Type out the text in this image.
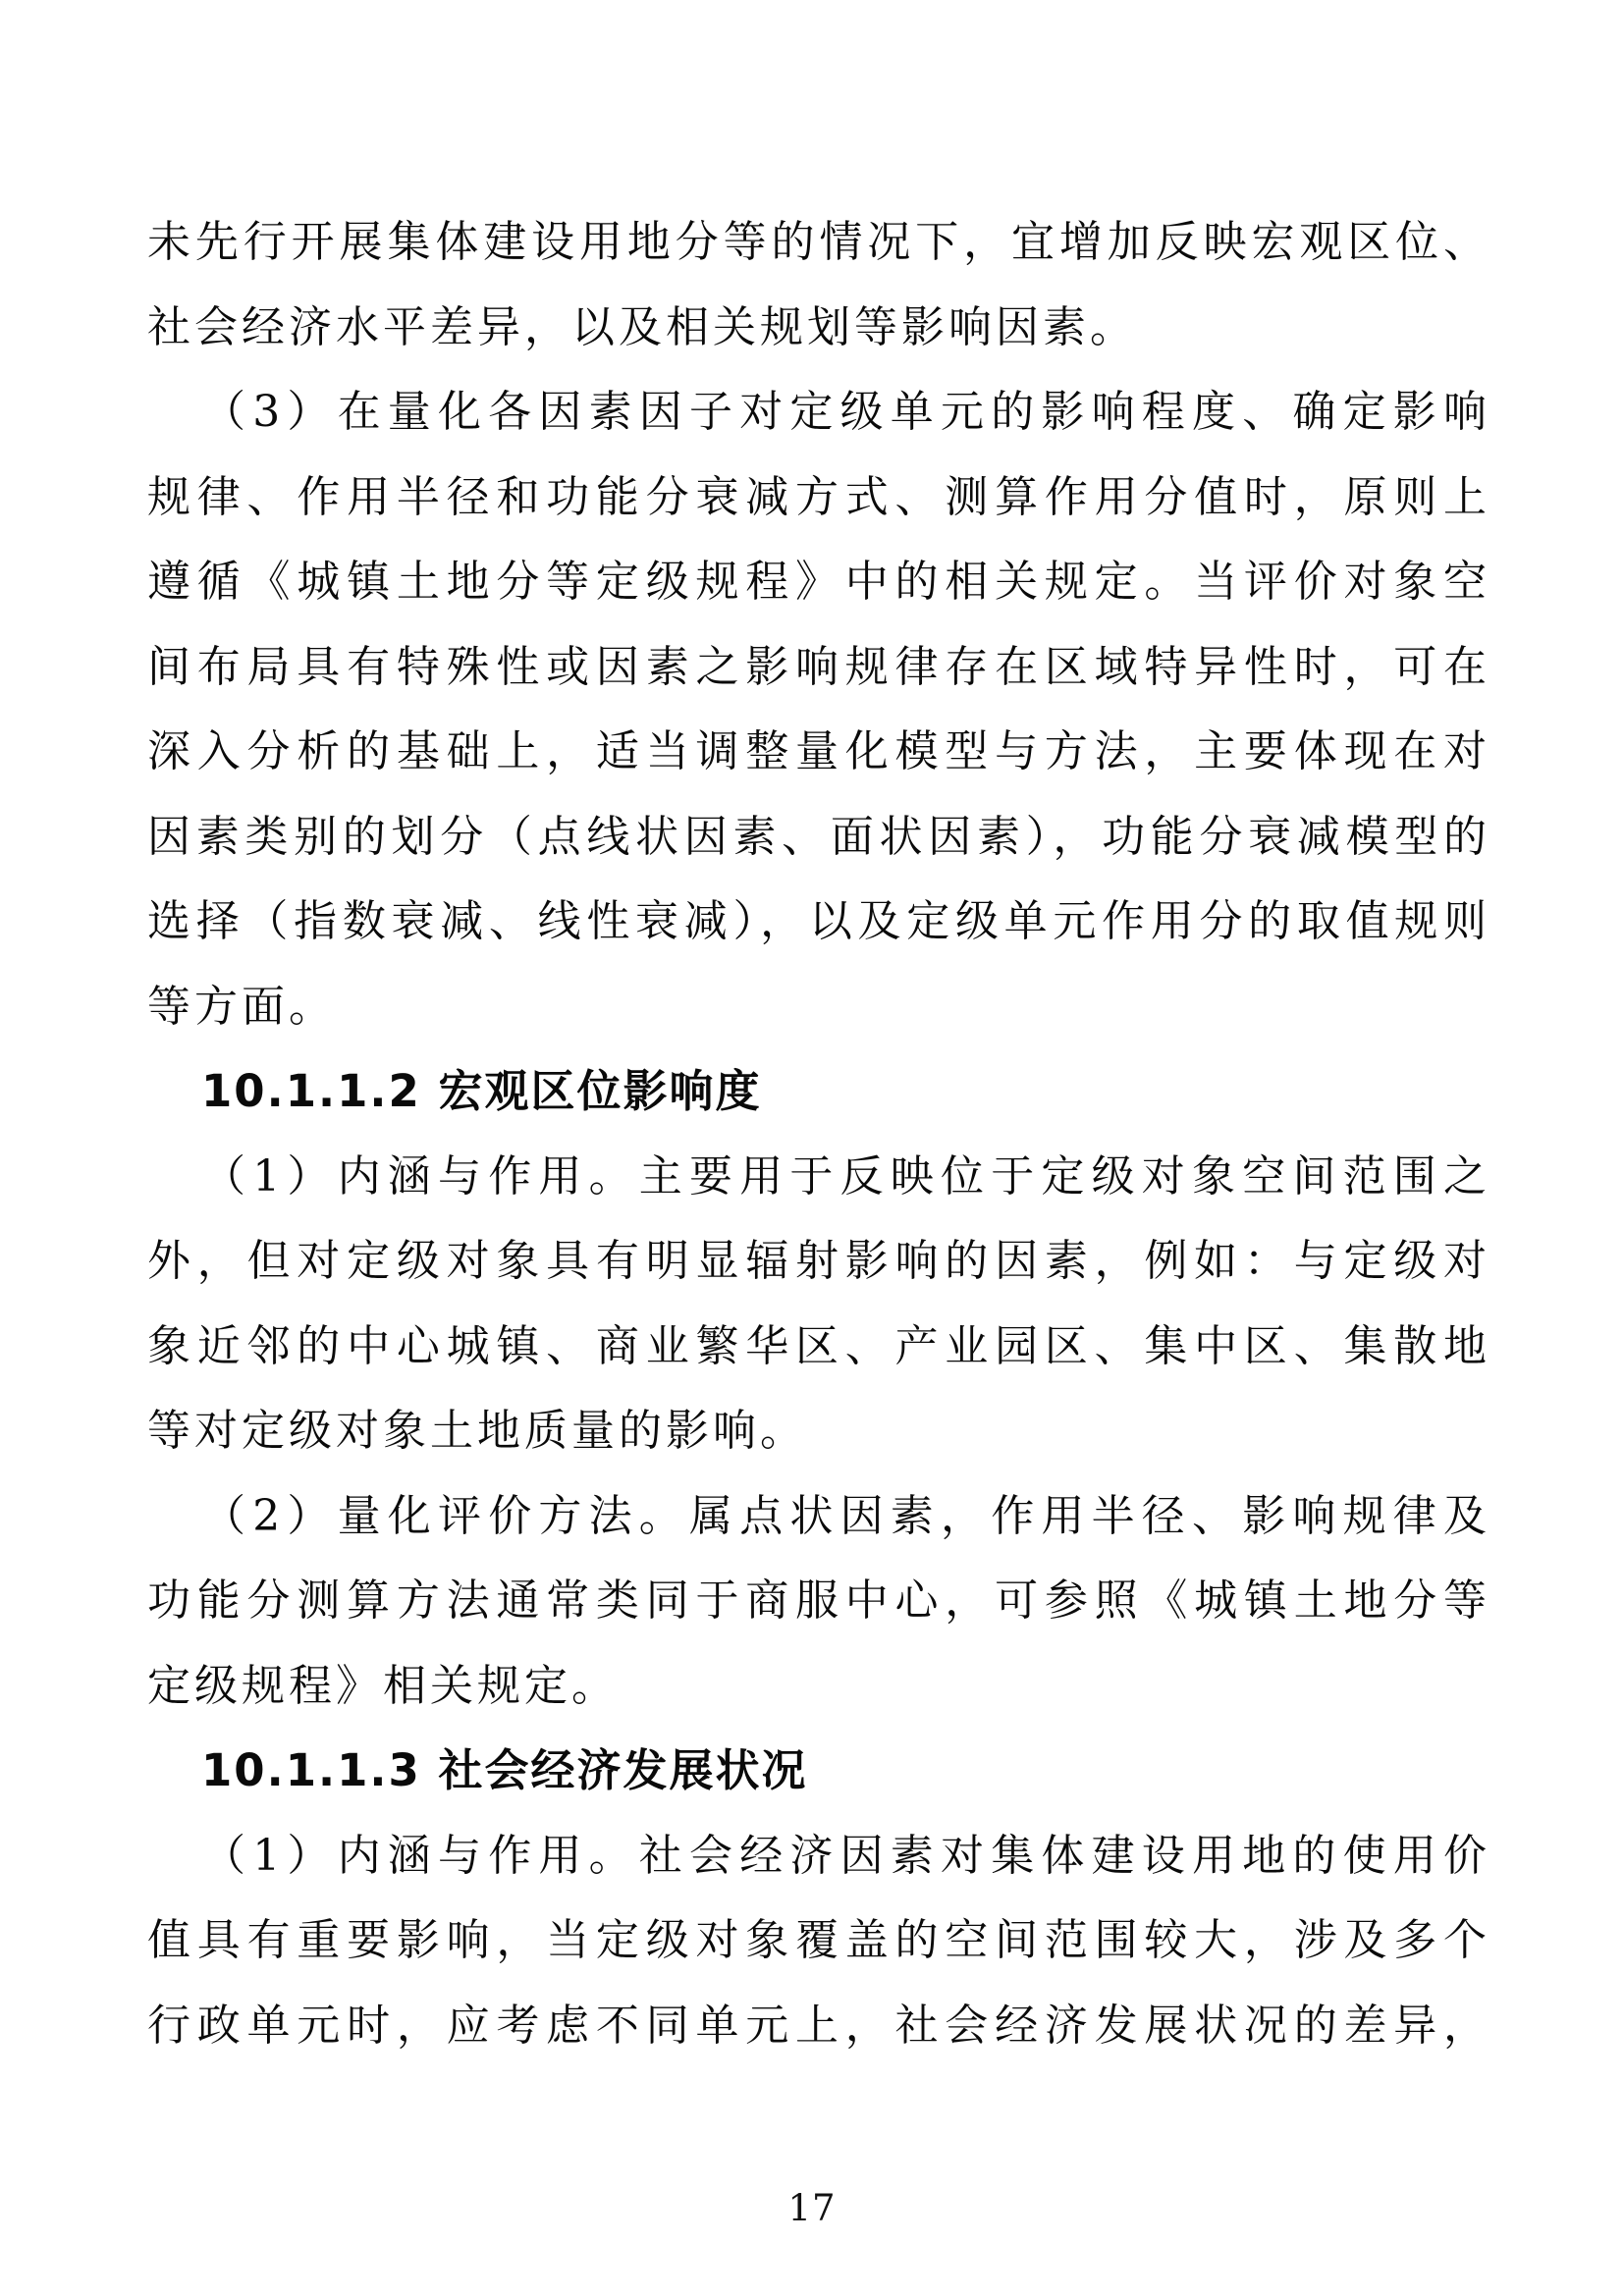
未先行开展集体建设用地分等的情况下，宜增加反映宏观区位、
社会经济水平差异，以及相关规划等影响因素。
（3）在量化各因素因子对定级单元的影响程度、确定影响
规律、作用半径和功能分衰减方式、测算作用分值时，原则上
遵循《城镇土地分等定级规程》中的相关规定。当评价对象空
间布局具有特殊性或因素之影响规律存在区域特异性时，可在
深入分析的基础上，适当调整量化模型与方法，主要体现在对
因素类别的划分（点线状因素、面状因素），功能分衰减模型的
选择（指数衰减、线性衰减），以及定级单元作用分的取值规则
等方面。
10.1.1.2 宏观区位影响度
（1）内涵与作用。主要用于反映位于定级对象空间范围之
外，但对定级对象具有明显辐射影响的因素，例如：与定级对
象近邻的中心城镇、商业繁华区、产业园区、集中区、集散地
等对定级对象土地质量的影响。
（2）量化评价方法。属点状因素，作用半径、影响规律及
功能分测算方法通常类同于商服中心，可参照《城镇土地分等
定级规程》相关规定。
10.1.1.3 社会经济发展状况
（1）内涵与作用。社会经济因素对集体建设用地的使用价
值具有重要影响，当定级对象覆盖的空间范围较大，涉及多个
行政单元时，应考虑不同单元上，社会经济发展状况的差异，
17
